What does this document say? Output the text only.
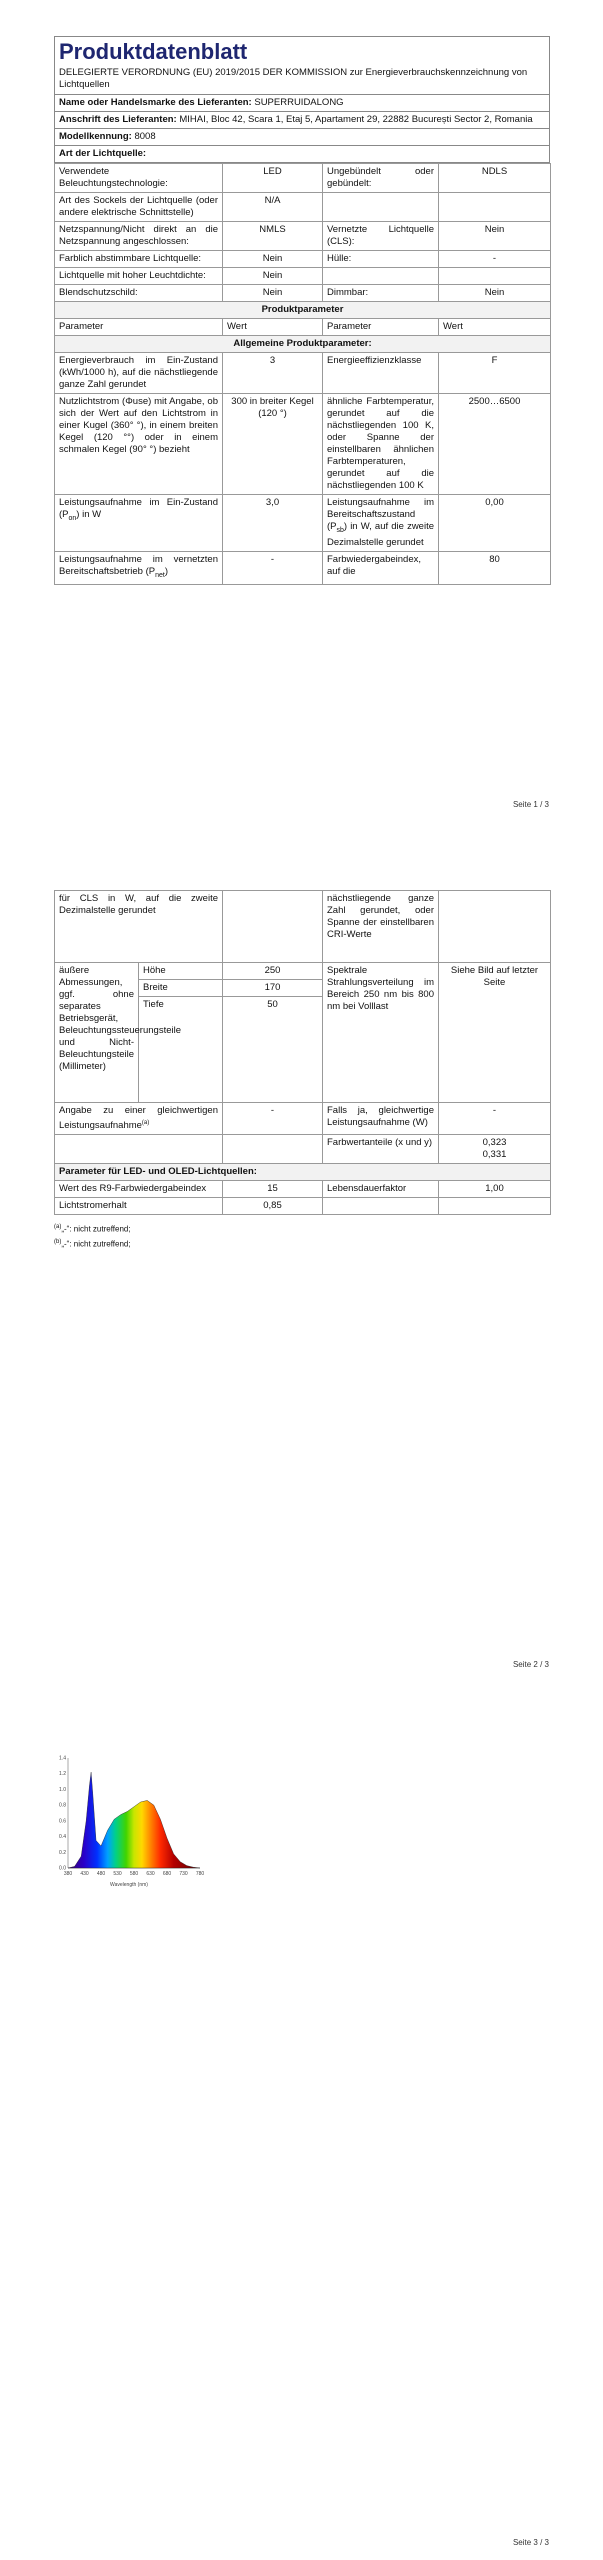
Produktdatenblatt
DELEGIERTE VERORDNUNG (EU) 2019/2015 DER KOMMISSION zur Energieverbrauchskennzeichnung von Lichtquellen
Name oder Handelsmarke des Lieferanten: SUPERRUIDALONG
Anschrift des Lieferanten: MIHAI, Bloc 42, Scara 1, Etaj 5, Apartament 29, 22882 București Sector 2, Romania
Modellkennung: 8008
Art der Lichtquelle:
Verwendete Beleuchtungstechnologie:	LED	Ungebündelt oder gebündelt:	NDLS
Art des Sockels der Lichtquelle (oder andere elektrische Schnittstelle)	N/A		
Netzspannung/Nicht direkt an die Netzspannung angeschlossen:	NMLS	Vernetzte Lichtquelle (CLS):	Nein
Farblich abstimmbare Lichtquelle:	Nein	Hülle:	-
Lichtquelle mit hoher Leuchtdichte:	Nein		
Blendschutzschild:	Nein	Dimmbar:	Nein
Produktparameter			
Parameter	Wert	Parameter	Wert
Allgemeine Produktparameter:			
Energieverbrauch im Ein-Zustand (kWh/1000 h), auf die nächstliegende ganze Zahl gerundet	3	Energieeffizienzklasse	F
Nutzlichtstrom (Φuse) mit Angabe, ob sich der Wert auf den Lichtstrom in einer Kugel (360° °), in einem breiten Kegel (120 °°) oder in einem schmalen Kegel (90° °) bezieht	300 in breiter Kegel (120 °)	ähnliche Farbtemperatur, gerundet auf die nächstliegenden 100 K, oder Spanne der einstellbaren ähnlichen Farbtemperaturen, gerundet auf die nächstliegenden 100 K	2500…6500
Leistungsaufnahme im Ein-Zustand $(P_{on})$ in W	3,0	Leistungsaufnahme im Bereitschaftszustand $(P_{sb})$ in W, auf die zweite Dezimalstelle gerundet	0,00
Leistungsaufnahme im vernetzten Bereitschaftsbetrieb $(P_{net})$	-	Farbwiedergabeindex, auf die	80
Seite 1 / 3
für CLS in W, auf die zweite Dezimalstelle gerundet			nächstliegende ganze Zahl gerundet, oder Spanne der einstellbaren CRI-Werte	
äußere Abmessungen, ggf. ohne separates Betriebsgerät, Beleuchtungssteuerungsteile und Nicht-Beleuchtungsteile (Millimeter)	Höhe	250	Spektrale Strahlungsverteilung im Bereich 250 nm bis 800 nm bei Volllast	Siehe Bild auf letzter Seite
	Breite	170		
	Tiefe	50		
Angabe zu einer gleichwertigen Leistungsaufnahme$^{(a)}$		-	Falls ja, gleichwertige Leistungsaufnahme (W)	-
			Farbwertanteile (x und y)	0,323
0,331

Parameter für LED- und OLED-Lichtquellen:				
Wert des R9-Farbwiedergabeindex		15	Lebensdauerfaktor	1,00
Lichtstromerhalt		0,85		
$^{(a)}$„-“: nicht zutreffend;
$^{(b)}$„-“: nicht zutreffend;
Seite 2 / 3
380 430 480 530 580 630 680 730 780
0.0
0.2
0.4
0.6
0.8
1.0
1.2
1.4
Wavelength (nm)
Seite 3 / 3
